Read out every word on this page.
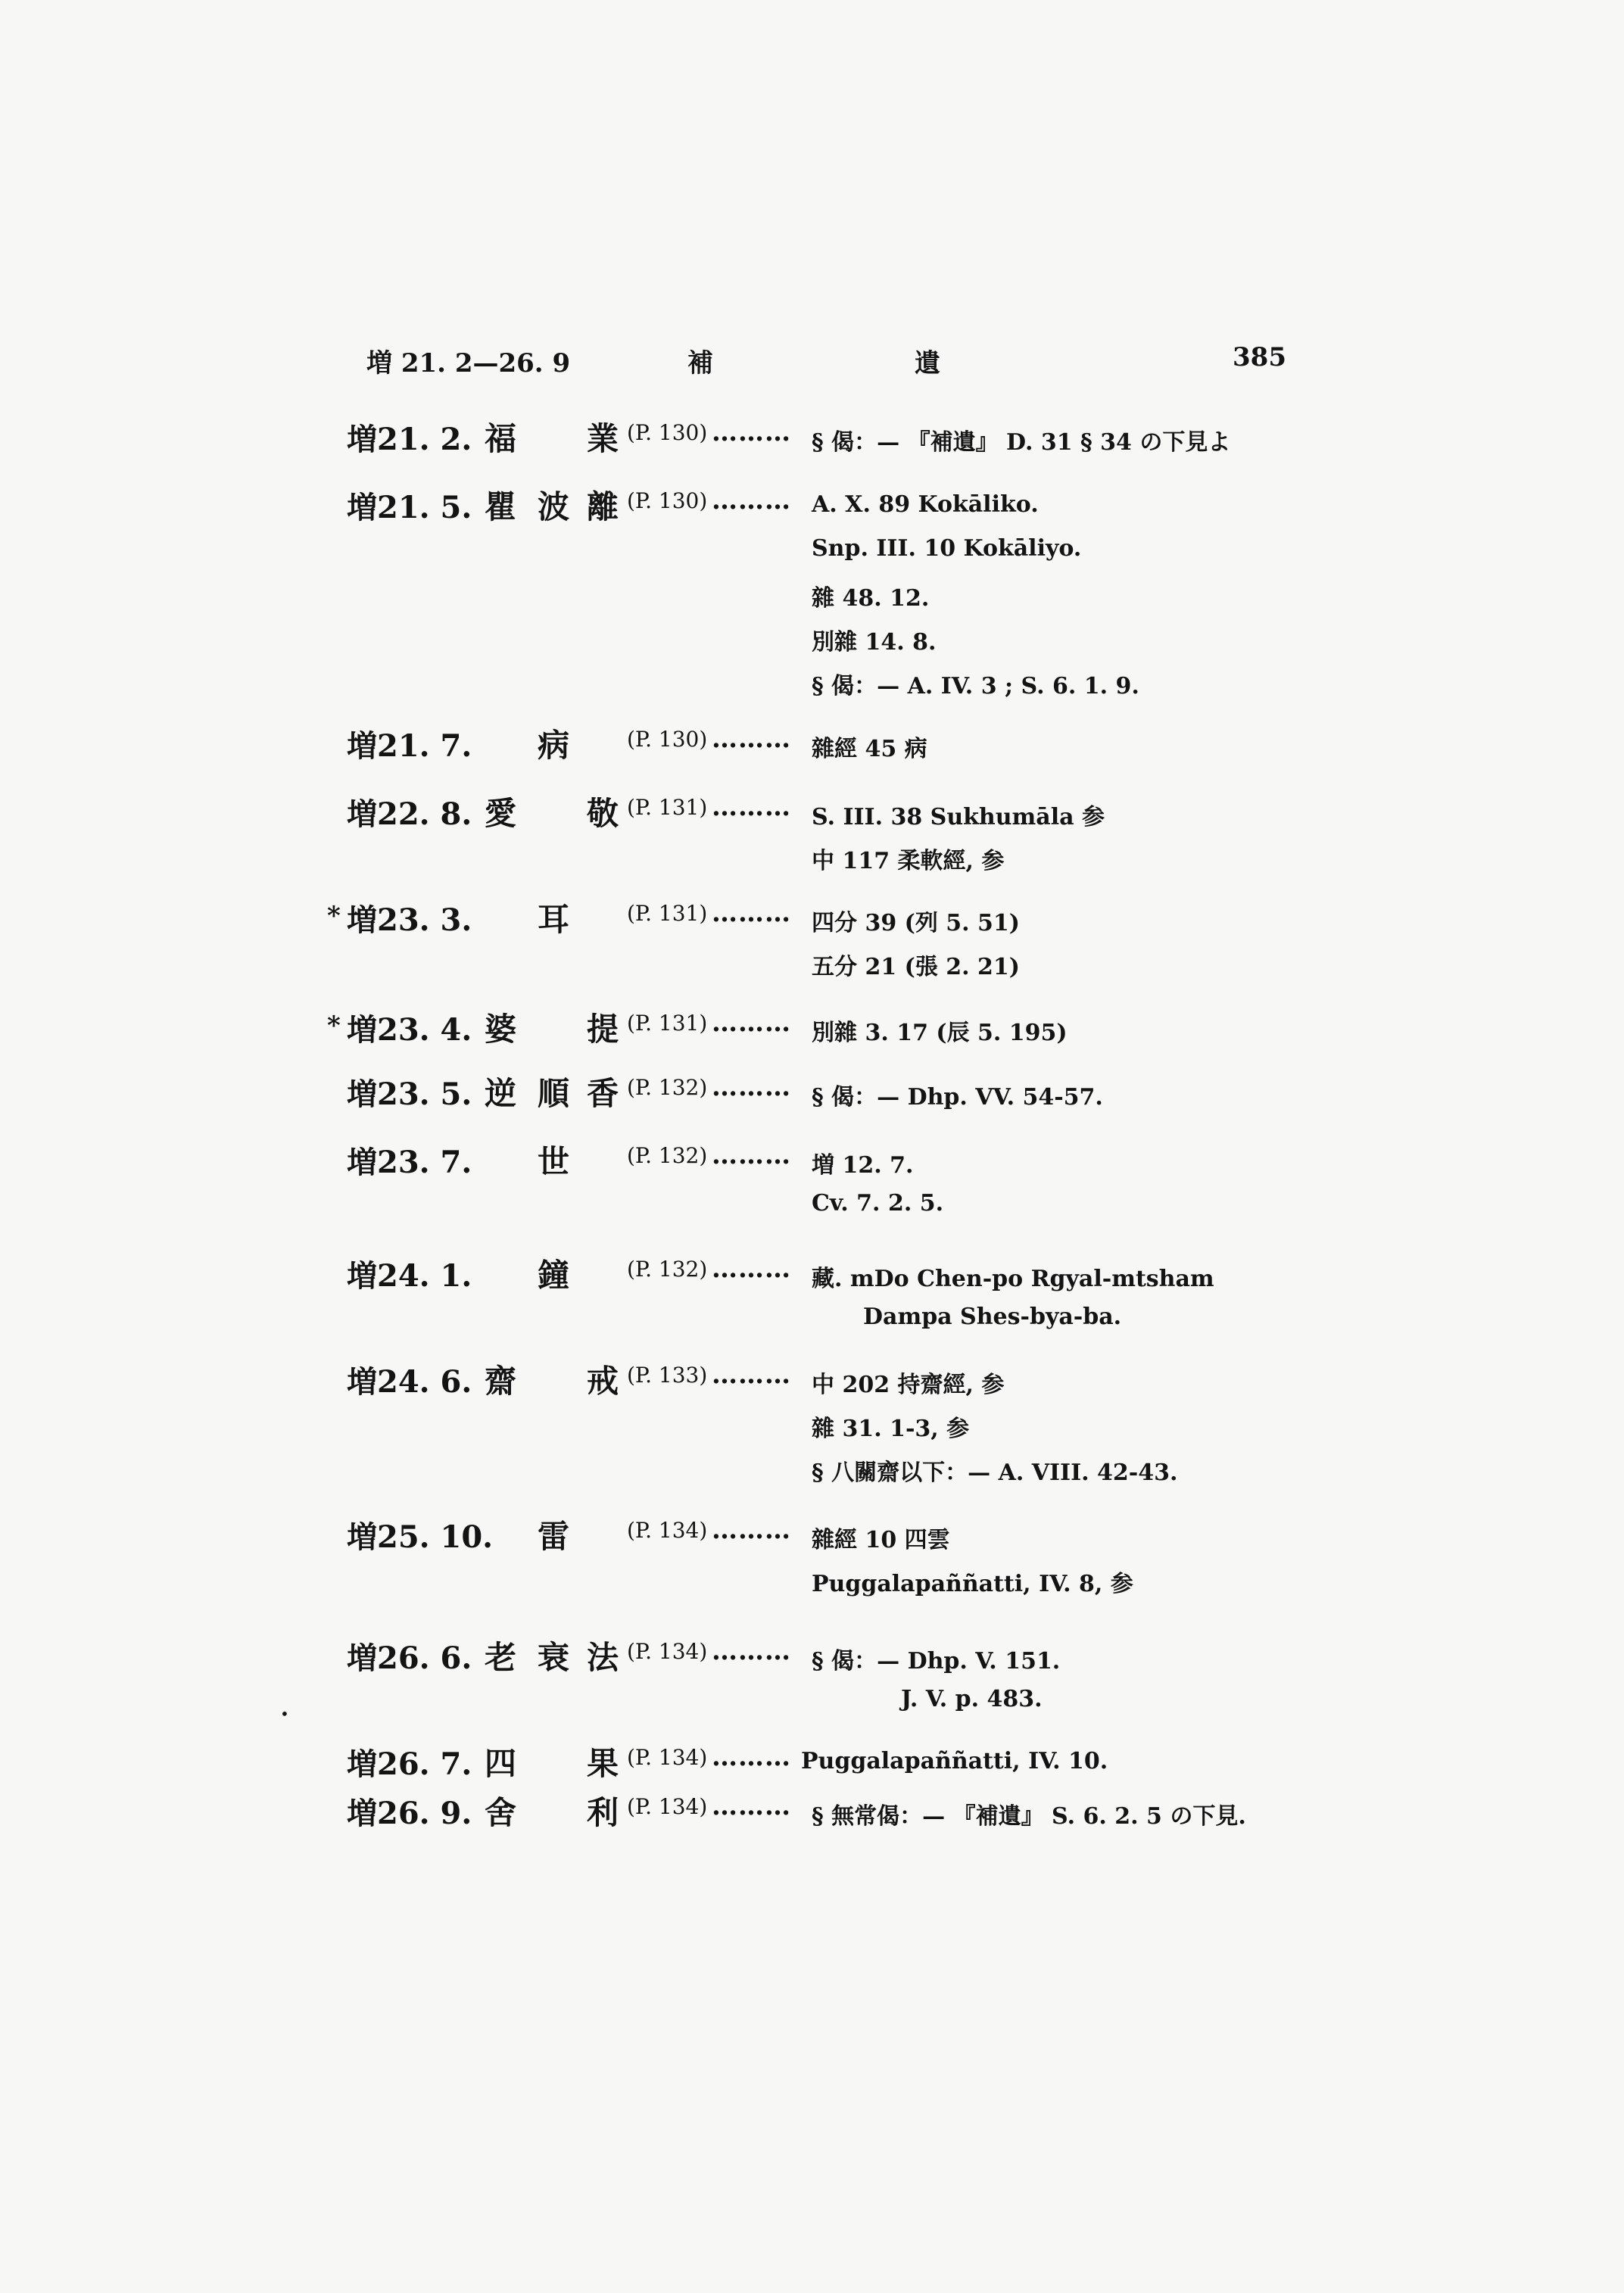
増 21. 2—26. 9	補	遺	385
増21. 2. 福 業 (P. 130) ……… § 偈：— 『補遺』 D. 31 § 34 の下見よ
増21. 5. 瞿 波 離 (P. 130) ……… A. X. 89 Kokāliko.
Snp. III. 10 Kokāliyo.
雜 48. 12.
別雜 14. 8.
§ 偈：— A. IV. 3 ; S. 6. 1. 9.
増21. 7. 病	(P. 130) ……… 雜經 45 病
増22. 8. 愛 敬 (P. 131) ……… S. III. 38 Sukhumāla 参
中 117 柔軟經, 参
* 増23. 3. 耳	(P. 131) ……… 四分 39 (列 5. 51)
五分 21 (張 2. 21)
* 増23. 4. 婆 提 (P. 131) ……… 別雜 3. 17 (辰 5. 195)
増23. 5. 逆 順 香 (P. 132) ……… § 偈：— Dhp. VV. 54-57.
増23. 7. 世	(P. 132) ……… 増 12. 7.
Cv. 7. 2. 5.
増24. 1. 鐘	(P. 132) ……… 藏. mDo Chen-po Rgyal-mtsham
Dampa Shes-bya-ba.
増24. 6. 齋 戒 (P. 133) ……… 中 202 持齋經, 参
雜 31. 1-3, 参
§ 八關齋以下：— A. VIII. 42-43.
増25. 10. 雷	(P. 134) ……… 雜經 10 四雲
Puggalapaññatti, IV. 8, 参
増26. 6. 老 衰 法 (P. 134) ……… § 偈：— Dhp. V. 151.
J. V. p. 483.
増26. 7. 四 果 (P. 134) ……… Puggalapaññatti, IV. 10.
増26. 9. 舍 利 (P. 134) ……… § 無常偈：— 『補遺』 S. 6. 2. 5 の下見.
•
